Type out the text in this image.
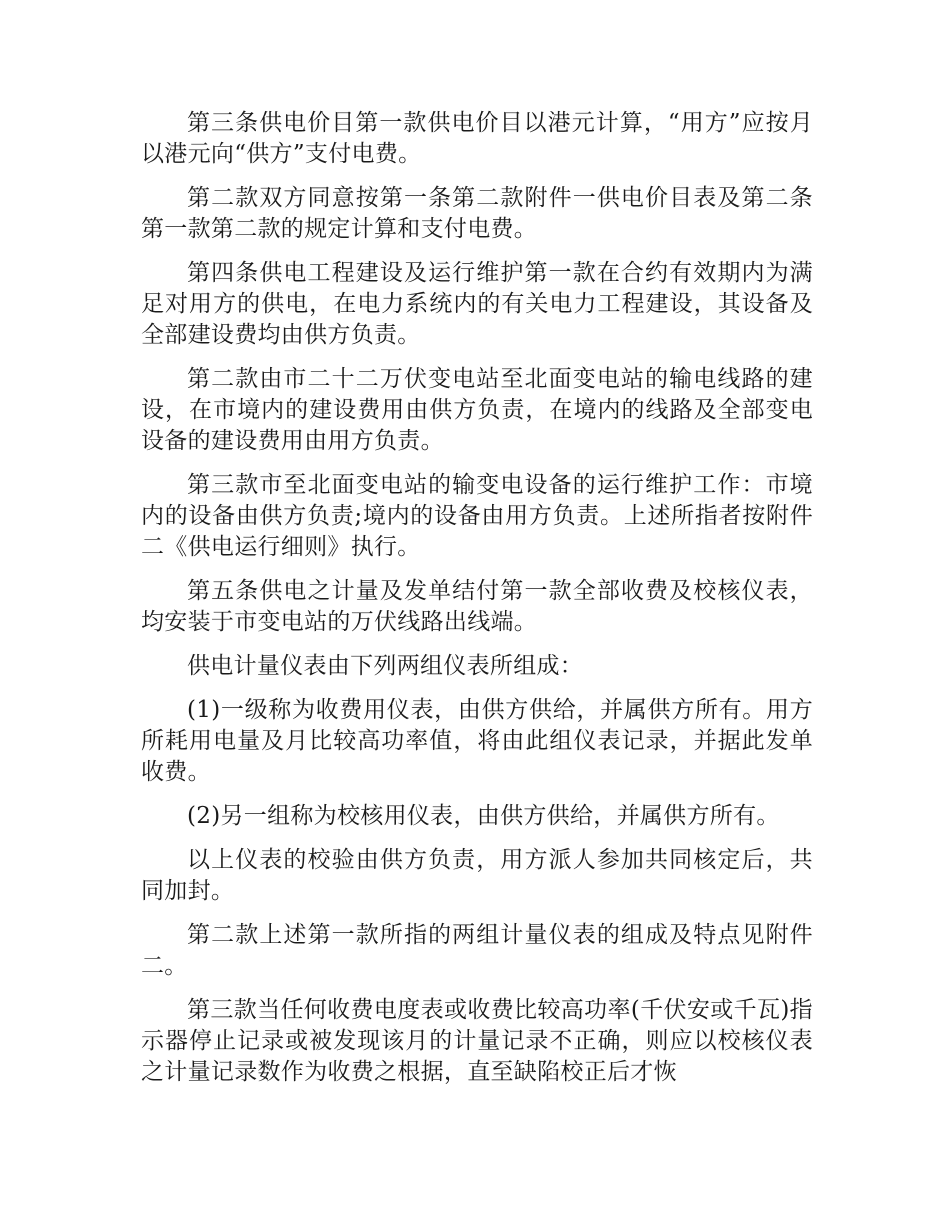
第三条供电价目第一款供电价目以港元计算，“用方”应按月以港元向“供方”支付电费。

第二款双方同意按第一条第二款附件一供电价目表及第二条第一款第二款的规定计算和支付电费。

第四条供电工程建设及运行维护第一款在合约有效期内为满足对用方的供电，在电力系统内的有关电力工程建设，其设备及全部建设费均由供方负责。

第二款由市二十二万伏变电站至北面变电站的输电线路的建设，在市境内的建设费用由供方负责，在境内的线路及全部变电设备的建设费用由用方负责。

第三款市至北面变电站的输变电设备的运行维护工作：市境内的设备由供方负责;境内的设备由用方负责。上述所指者按附件二《供电运行细则》执行。

第五条供电之计量及发单结付第一款全部收费及校核仪表，均安装于市变电站的万伏线路出线端。

供电计量仪表由下列两组仪表所组成：

(1)一级称为收费用仪表，由供方供给，并属供方所有。用方所耗用电量及月比较高功率值，将由此组仪表记录，并据此发单收费。

(2)另一组称为校核用仪表，由供方供给，并属供方所有。

以上仪表的校验由供方负责，用方派人参加共同核定后，共同加封。

第二款上述第一款所指的两组计量仪表的组成及特点见附件二。

第三款当任何收费电度表或收费比较高功率(千伏安或千瓦)指示器停止记录或被发现该月的计量记录不正确，则应以校核仪表之计量记录数作为收费之根据，直至缺陷校正后才恢
